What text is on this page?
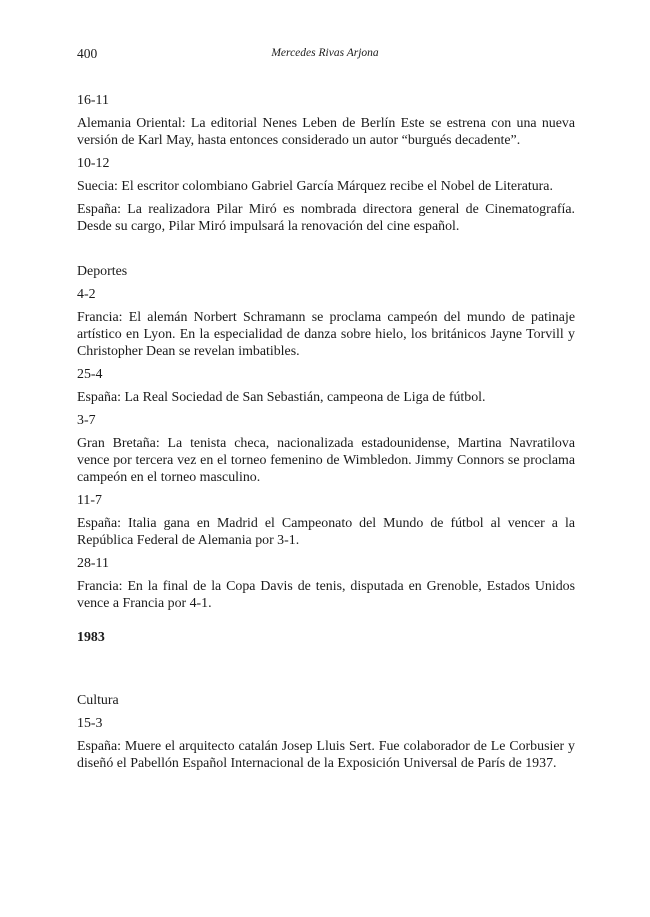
400	Mercedes Rivas Arjona

16-11

Alemania Oriental: La editorial Nenes Leben de Berlín Este se estrena con una nueva versión de Karl May, hasta entonces considerado un autor “burgués decadente”.

10-12

Suecia: El escritor colombiano Gabriel García Márquez recibe el Nobel de Literatura.

España: La realizadora Pilar Miró es nombrada directora general de Cinematografía. Desde su cargo, Pilar Miró impulsará la renovación del cine español.

Deportes

4-2

Francia: El alemán Norbert Schramann se proclama campeón del mundo de patinaje artístico en Lyon. En la especialidad de danza sobre hielo, los británicos Jayne Torvill y Christopher Dean se revelan imbatibles.

25-4

España: La Real Sociedad de San Sebastián, campeona de Liga de fútbol.

3-7

Gran Bretaña: La tenista checa, nacionalizada estadounidense, Martina Navratilova vence por tercera vez en el torneo femenino de Wimbledon. Jimmy Connors se proclama campeón en el torneo masculino.

11-7

España: Italia gana en Madrid el Campeonato del Mundo de fútbol al vencer a la República Federal de Alemania por 3-1.

28-11

Francia: En la final de la Copa Davis de tenis, disputada en Grenoble, Estados Unidos vence a Francia por 4-1.

1983

Cultura

15-3

España: Muere el arquitecto catalán Josep Lluis Sert. Fue colaborador de Le Corbusier y diseñó el Pabellón Español Internacional de la Exposición Universal de París de 1937.
